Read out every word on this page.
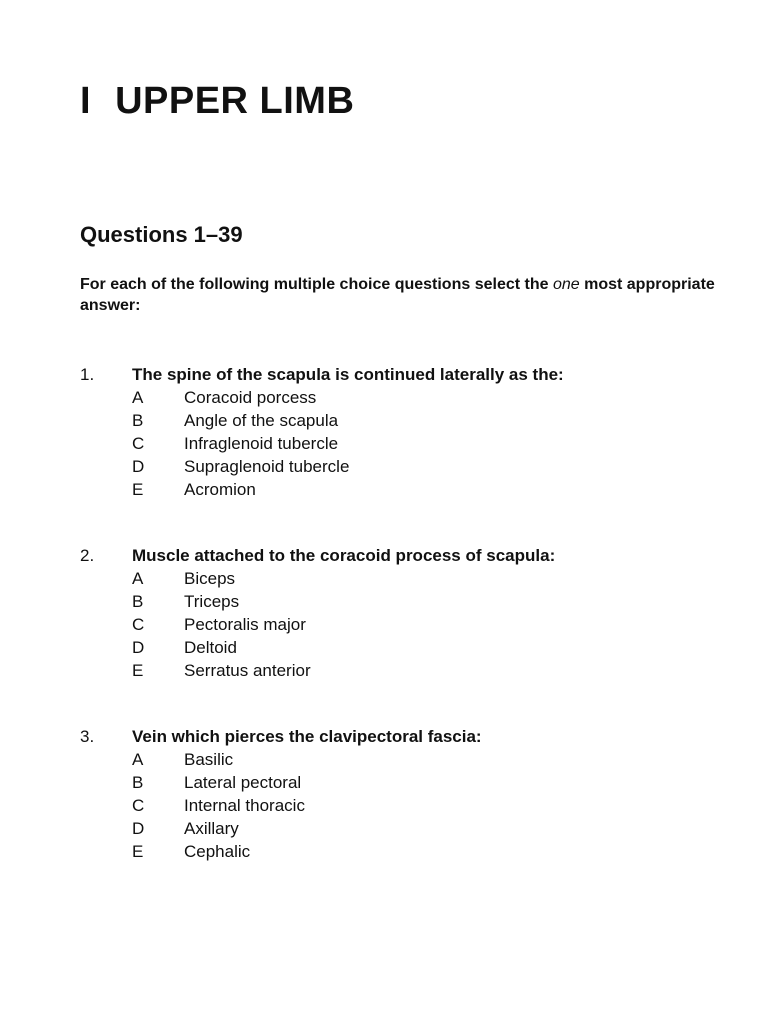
I UPPER LIMB
Questions 1–39

For each of the following multiple choice questions select the one most appropriate answer:

1. The spine of the scapula is continued laterally as the:
A Coracoid porcess
B Angle of the scapula
C Infraglenoid tubercle
D Supraglenoid tubercle
E Acromion
2. Muscle attached to the coracoid process of scapula:
A Biceps
B Triceps
C Pectoralis major
D Deltoid
E Serratus anterior
3. Vein which pierces the clavipectoral fascia:
A Basilic
B Lateral pectoral
C Internal thoracic
D Axillary
E Cephalic
